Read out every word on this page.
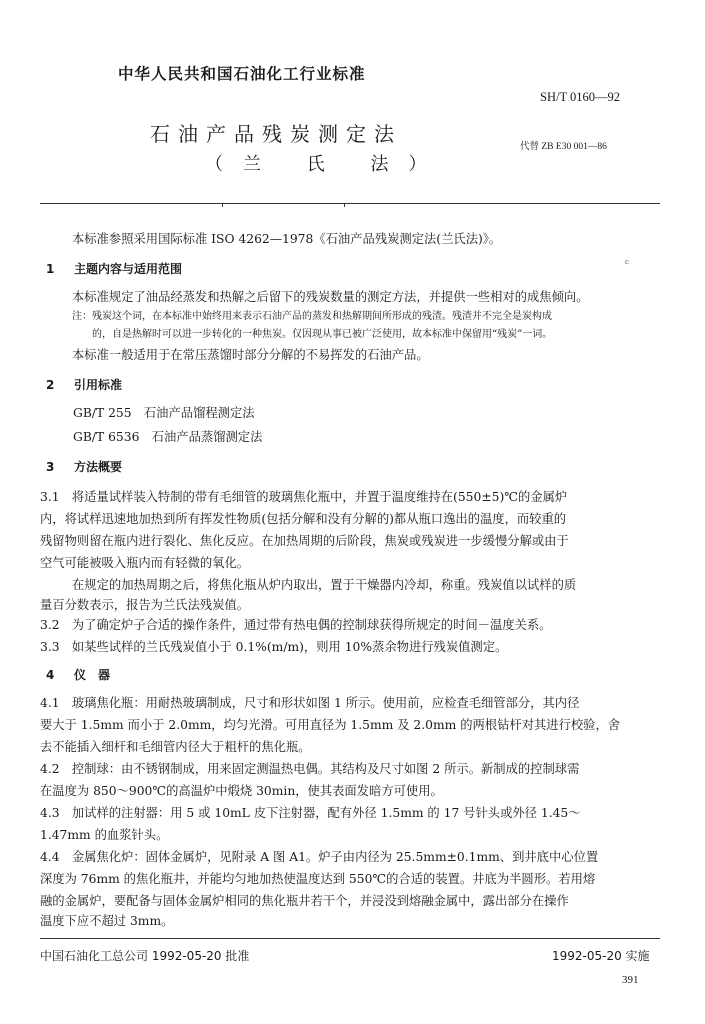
中华人民共和国石油化工行业标准
SH/T 0160—92
石油产品残炭测定法
（兰 氏 法）
代替 ZB E30 001—86
本标准参照采用国际标准 ISO 4262—1978《石油产品残炭测定法(兰氏法)》。
c
1 主题内容与适用范围
本标准规定了油品经蒸发和热解之后留下的残炭数量的测定方法，并提供一些相对的成焦倾向。
注：残炭这个词，在本标准中始终用来表示石油产品的蒸发和热解期间所形成的残渣。残渣并不完全是炭构成
的，自是热解时可以进一步转化的一种焦炭。仅因现从事已被广泛使用，故本标准中保留用“残炭”一词。
本标准一般适用于在常压蒸馏时部分分解的不易挥发的石油产品。
2 引用标准
GB/T 255　石油产品馏程测定法
GB/T 6536　石油产品蒸馏测定法
3 方法概要
3.1　将适量试样装入特制的带有毛细管的玻璃焦化瓶中，并置于温度维持在(550±5)℃的金属炉
内，将试样迅速地加热到所有挥发性物质(包括分解和没有分解的)都从瓶口逸出的温度，而较重的
残留物则留在瓶内进行裂化、焦化反应。在加热周期的后阶段，焦炭或残炭进一步缓慢分解或由于
空气可能被吸入瓶内而有轻微的氧化。
在规定的加热周期之后，将焦化瓶从炉内取出，置于干燥器内冷却，称重。残炭值以试样的质
量百分数表示，报告为兰氏法残炭值。
3.2　为了确定炉子合适的操作条件，通过带有热电偶的控制球获得所规定的时间－温度关系。
3.3　如某些试样的兰氏残炭值小于 0.1%(m/m)，则用 10%蒸余物进行残炭值测定。
4 仪　器
4.1　玻璃焦化瓶：用耐热玻璃制成，尺寸和形状如图 1 所示。使用前，应检查毛细管部分，其内径
要大于 1.5mm 而小于 2.0mm，均匀光滑。可用直径为 1.5mm 及 2.0mm 的两根钻杆对其进行校验，舍
去不能插入细杆和毛细管内径大于粗杆的焦化瓶。
4.2　控制球：由不锈钢制成，用来固定测温热电偶。其结构及尺寸如图 2 所示。新制成的控制球需
在温度为 850～900℃的高温炉中煅烧 30min，使其表面发暗方可使用。
4.3　加试样的注射器：用 5 或 10mL 皮下注射器，配有外径 1.5mm 的 17 号针头或外径 1.45～
1.47mm 的血浆针头。
4.4　金属焦化炉：固体金属炉，见附录 A 图 A1。炉子由内径为 25.5mm±0.1mm、到井底中心位置
深度为 76mm 的焦化瓶井，并能均匀地加热使温度达到 550℃的合适的装置。井底为半圆形。若用熔
融的金属炉，要配备与固体金属炉相同的焦化瓶井若干个，并浸没到熔融金属中，露出部分在操作
温度下应不超过 3mm。
中国石油化工总公司 1992-05-20 批准	1992-05-20 实施
391
